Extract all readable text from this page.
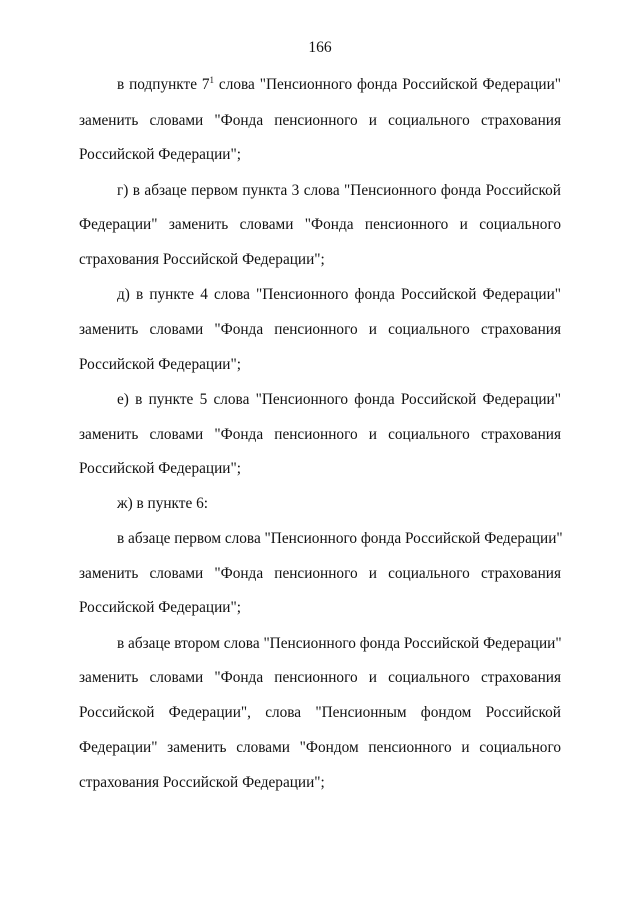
166
в подпункте $7^1$ слова "Пенсионного фонда Российской Федерации"
заменить словами "Фонда пенсионного и социального страхования
Российской Федерации";
г) в абзаце первом пункта 3 слова "Пенсионного фонда Российской
Федерации" заменить словами "Фонда пенсионного и социального
страхования Российской Федерации";
д) в пункте 4 слова "Пенсионного фонда Российской Федерации"
заменить словами "Фонда пенсионного и социального страхования
Российской Федерации";
е) в пункте 5 слова "Пенсионного фонда Российской Федерации"
заменить словами "Фонда пенсионного и социального страхования
Российской Федерации";
ж) в пункте 6:
в абзаце первом слова "Пенсионного фонда Российской Федерации"
заменить словами "Фонда пенсионного и социального страхования
Российской Федерации";
в абзаце втором слова "Пенсионного фонда Российской Федерации"
заменить словами "Фонда пенсионного и социального страхования
Российской Федерации", слова "Пенсионным фондом Российской
Федерации" заменить словами "Фондом пенсионного и социального
страхования Российской Федерации";
